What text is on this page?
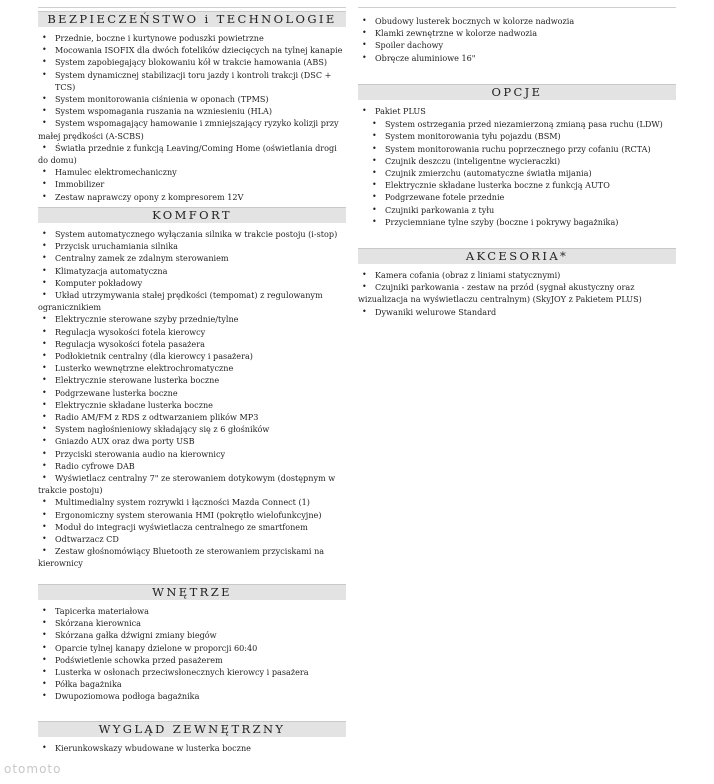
BEZPIECZEŃSTWO i TECHNOLOGIE
• Przednie, boczne i kurtynowe poduszki powietrzne
• Mocowania ISOFIX dla dwóch fotelików dziecięcych na tylnej kanapie
• System zapobiegający blokowaniu kół w trakcie hamowania (ABS)
• System dynamicznej stabilizacji toru jazdy i kontroli trakcji (DSC + TCS)
• System monitorowania ciśnienia w oponach (TPMS)
• System wspomagania ruszania na wzniesieniu (HLA)
• System wspomagający hamowanie i zmniejszający ryzyko kolizji przy małej prędkości (A-SCBS)
• Światła przednie z funkcją Leaving/Coming Home (oświetlania drogi do domu)
• Hamulec elektromechaniczny
• Immobilizer
• Zestaw naprawczy opony z kompresorem 12V
KOMFORT
• System automatycznego wyłączania silnika w trakcie postoju (i-stop)
• Przycisk uruchamiania silnika
• Centralny zamek ze zdalnym sterowaniem
• Klimatyzacja automatyczna
• Komputer pokładowy
• Układ utrzymywania stałej prędkości (tempomat) z regulowanym ogranicznikiem
• Elektrycznie sterowane szyby przednie/tylne
• Regulacja wysokości fotela kierowcy
• Regulacja wysokości fotela pasażera
• Podłokietnik centralny (dla kierowcy i pasażera)
• Lusterko wewnętrzne elektrochromatyczne
• Elektrycznie sterowane lusterka boczne
• Podgrzewane lusterka boczne
• Elektrycznie składane lusterka boczne
• Radio AM/FM z RDS z odtwarzaniem plików MP3
• System nagłośnieniowy składający się z 6 głośników
• Gniazdo AUX oraz dwa porty USB
• Przyciski sterowania audio na kierownicy
• Radio cyfrowe DAB
• Wyświetlacz centralny 7" ze sterowaniem dotykowym (dostępnym w trakcie postoju)
• Multimedialny system rozrywki i łączności Mazda Connect (1)
• Ergonomiczny system sterowania HMI (pokrętło wielofunkcyjne)
• Moduł do integracji wyświetlacza centralnego ze smartfonem
• Odtwarzacz CD
• Zestaw głośnomówiący Bluetooth ze sterowaniem przyciskami na kierownicy
WNĘTRZE
• Tapicerka materiałowa
• Skórzana kierownica
• Skórzana gałka dźwigni zmiany biegów
• Oparcie tylnej kanapy dzielone w proporcji 60:40
• Podświetlenie schowka przed pasażerem
• Lusterka w osłonach przeciwsłonecznych kierowcy i pasażera
• Półka bagażnika
• Dwupoziomowa podłoga bagażnika
WYGLĄD ZEWNĘTRZNY
• Kierunkowskazy wbudowane w lusterka boczne
• Obudowy lusterek bocznych w kolorze nadwozia
• Klamki zewnętrzne w kolorze nadwozia
• Spoiler dachowy
• Obręcze aluminiowe 16"
OPCJE
• Pakiet PLUS
• System ostrzegania przed niezamierzoną zmianą pasa ruchu (LDW)
• System monitorowania tyłu pojazdu (BSM)
• System monitorowania ruchu poprzecznego przy cofaniu (RCTA)
• Czujnik deszczu (inteligentne wycieraczki)
• Czujnik zmierzchu (automatyczne światła mijania)
• Elektrycznie składane lusterka boczne z funkcją AUTO
• Podgrzewane fotele przednie
• Czujniki parkowania z tyłu
• Przyciemniane tylne szyby (boczne i pokrywy bagażnika)
AKCESORIA*
• Kamera cofania (obraz z liniami statycznymi)
• Czujniki parkowania - zestaw na przód (sygnał akustyczny oraz wizualizacja na wyświetlaczu centralnym) (SkyJOY z Pakietem PLUS)
• Dywaniki welurowe Standard
otomoto
